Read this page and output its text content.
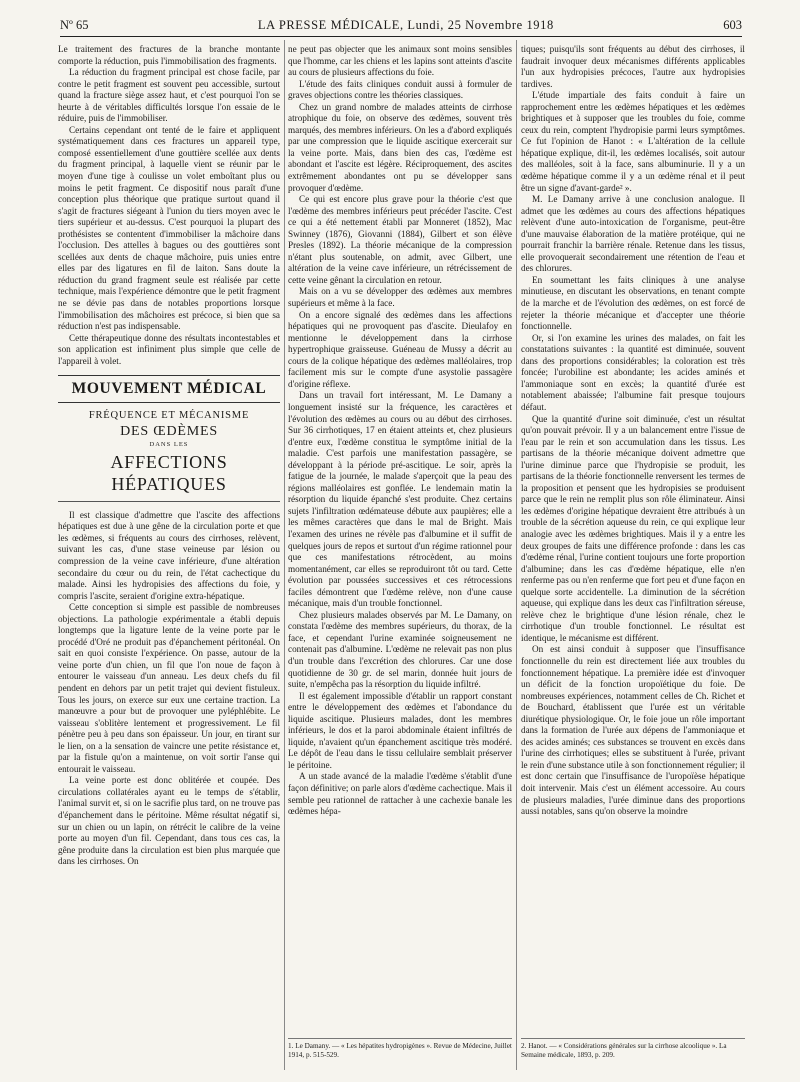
Nº 65	LA PRESSE MÉDICALE, Lundi, 25 Novembre 1918	603

Le traitement des fractures de la branche montante comporte la réduction, puis l'immobilisation des fragments.

La réduction du fragment principal est chose facile, par contre le petit fragment est souvent peu accessible, surtout quand la fracture siège assez haut, et c'est pourquoi l'on se heurte à de véritables difficultés lorsque l'on essaie de le réduire, puis de l'immobiliser.

Certains cependant ont tenté de le faire et appliquent systématiquement dans ces fractures un appareil type, composé essentiellement d'une gouttière scellée aux dents du fragment principal, à laquelle vient se réunir par le moyen d'une tige à coulisse un volet emboîtant plus ou moins le petit fragment. Ce dispositif nous paraît d'une conception plus théorique que pratique surtout quand il s'agit de fractures siégeant à l'union du tiers moyen avec le tiers supérieur et au-dessus. C'est pourquoi la plupart des prothésistes se contentent d'immobiliser la mâchoire dans l'occlusion. Des attelles à bagues ou des gouttières sont scellées aux dents de chaque mâchoire, puis unies entre elles par des ligatures en fil de laiton. Sans doute la réduction du grand fragment seule est réalisée par cette technique, mais l'expérience démontre que le petit fragment ne se dévie pas dans de notables proportions lorsque l'immobilisation des mâchoires est précoce, si bien que sa réduction n'est pas indispensable.

Cette thérapeutique donne des résultats incontestables et son application est infiniment plus simple que celle de l'appareil à volet.

MOUVEMENT MÉDICAL
FRÉQUENCE ET MÉCANISME
DES ŒDÈMES
DANS LES
AFFECTIONS HÉPATIQUES

Il est classique d'admettre que l'ascite des affections hépatiques est due à une gêne de la circulation porte et que les œdèmes, si fréquents au cours des cirrhoses, relèvent, suivant les cas, d'une stase veineuse par lésion ou compression de la veine cave inférieure, d'une altération secondaire du cœur ou du rein, de l'état cachectique du malade. Ainsi les hydropisies des affections du foie, y compris l'ascite, seraient d'origine extra-hépatique.

Cette conception si simple est passible de nombreuses objections. La pathologie expérimentale a établi depuis longtemps que la ligature lente de la veine porte par le procédé d'Oré ne produit pas d'épanchement péritonéal. On sait en quoi consiste l'expérience. On passe, autour de la veine porte d'un chien, un fil que l'on noue de façon à entourer le vaisseau d'un anneau. Les deux chefs du fil pendent en dehors par un petit trajet qui devient fistuleux. Tous les jours, on exerce sur eux une certaine traction. La manœuvre a pour but de provoquer une pyléphlébite. Le vaisseau s'oblitère lentement et progressivement. Le fil pénètre peu à peu dans son épaisseur. Un jour, en tirant sur le lien, on a la sensation de vaincre une petite résistance et, par la fistule qu'on a maintenue, on voit sortir l'anse qui entourait le vaisseau.

La veine porte est donc oblitérée et coupée. Des circulations collatérales ayant eu le temps de s'établir, l'animal survit et, si on le sacrifie plus tard, on ne trouve pas d'épanchement dans le péritoine. Même résultat négatif si, sur un chien ou un lapin, on rétrécit le calibre de la veine porte au moyen d'un fil. Cependant, dans tous ces cas, la gêne produite dans la circulation est bien plus marquée que dans les cirrhoses. On

ne peut pas objecter que les animaux sont moins sensibles que l'homme, car les chiens et les lapins sont atteints d'ascite au cours de plusieurs affections du foie.

L'étude des faits cliniques conduit aussi à formuler de graves objections contre les théories classiques.

Chez un grand nombre de malades atteints de cirrhose atrophique du foie, on observe des œdèmes, souvent très marqués, des membres inférieurs. On les a d'abord expliqués par une compression que le liquide ascitique exercerait sur la veine porte. Mais, dans bien des cas, l'œdème est abondant et l'ascite est légère. Réciproquement, des ascites extrêmement abondantes ont pu se développer sans provoquer d'œdème.

Ce qui est encore plus grave pour la théorie c'est que l'œdème des membres inférieurs peut précéder l'ascite. C'est ce qui a été nettement établi par Monneret (1852), Mac Swinney (1876), Giovanni (1884), Gilbert et son élève Presles (1892). La théorie mécanique de la compression n'étant plus soutenable, on admit, avec Gilbert, une altération de la veine cave inférieure, un rétrécissement de cette veine gênant la circulation en retour.

Mais on a vu se développer des œdèmes aux membres supérieurs et même à la face.

On a encore signalé des œdèmes dans les affections hépatiques qui ne provoquent pas d'ascite. Dieulafoy en mentionne le développement dans la cirrhose hypertrophique graisseuse. Guéneau de Mussy a décrit au cours de la colique hépatique des œdèmes malléolaires, trop facilement mis sur le compte d'une asystolie passagère d'origine réflexe.

Dans un travail fort intéressant, M. Le Damany a longuement insisté sur la fréquence, les caractères et l'évolution des œdèmes au cours ou au début des cirrhoses. Sur 36 cirrhotiques, 17 en étaient atteints et, chez plusieurs d'entre eux, l'œdème constitua le symptôme initial de la maladie. C'est parfois une manifestation passagère, se développant à la période pré-ascitique. Le soir, après la fatigue de la journée, le malade s'aperçoit que la peau des régions malléolaires est gonflée. Le lendemain matin la résorption du liquide épanché s'est produite. Chez certains sujets l'infiltration œdémateuse débute aux paupières; elle a les mêmes caractères que dans le mal de Bright. Mais l'examen des urines ne révèle pas d'albumine et il suffit de quelques jours de repos et surtout d'un régime rationnel pour que ces manifestations rétrocèdent, au moins momentanément, car elles se reproduiront tôt ou tard. Cette évolution par poussées successives et ces rétrocessions faciles démontrent que l'œdème relève, non d'une cause mécanique, mais d'un trouble fonctionnel.

Chez plusieurs malades observés par M. Le Damany, on constata l'œdème des membres supérieurs, du thorax, de la face, et cependant l'urine examinée soigneusement ne contenait pas d'albumine. L'œdème ne relevait pas non plus d'un trouble dans l'excrétion des chlorures. Car une dose quotidienne de 30 gr. de sel marin, donnée huit jours de suite, n'empêcha pas la résorption du liquide infiltré.

Il est également impossible d'établir un rapport constant entre le développement des œdèmes et l'abondance du liquide ascitique. Plusieurs malades, dont les membres inférieurs, le dos et la paroi abdominale étaient infiltrés de liquide, n'avaient qu'un épanchement ascitique très modéré. Le dépôt de l'eau dans le tissu cellulaire semblait préserver le péritoine.

A un stade avancé de la maladie l'œdème s'établit d'une façon définitive; on parle alors d'œdème cachectique. Mais il semble peu rationnel de rattacher à une cachexie banale les œdèmes hépa-

tiques; puisqu'ils sont fréquents au début des cirrhoses, il faudrait invoquer deux mécanismes différents applicables l'un aux hydropisies précoces, l'autre aux hydropisies tardives.

L'étude impartiale des faits conduit à faire un rapprochement entre les œdèmes hépatiques et les œdèmes brightiques et à supposer que les troubles du foie, comme ceux du rein, comptent l'hydropisie parmi leurs symptômes. Ce fut l'opinion de Hanot : « L'altération de la cellule hépatique explique, dit-il, les œdèmes localisés, soit autour des malléoles, soit à la face, sans albuminurie. Il y a un œdème hépatique comme il y a un œdème rénal et il peut être un signe d'avant-garde² ».

M. Le Damany arrive à une conclusion analogue. Il admet que les œdèmes au cours des affections hépatiques relèvent d'une auto-intoxication de l'organisme, peut-être d'une mauvaise élaboration de la matière protéique, qui ne pourrait franchir la barrière rénale. Retenue dans les tissus, elle provoquerait secondairement une rétention de l'eau et des chlorures.

En soumettant les faits cliniques à une analyse minutieuse, en discutant les observations, en tenant compte de la marche et de l'évolution des œdèmes, on est forcé de rejeter la théorie mécanique et d'accepter une théorie fonctionnelle.

Or, si l'on examine les urines des malades, on fait les constatations suivantes : la quantité est diminuée, souvent dans des proportions considérables; la coloration est très foncée; l'urobiline est abondante; les acides aminés et l'ammoniaque sont en excès; la quantité d'urée est notablement abaissée; l'albumine fait presque toujours défaut.

Que la quantité d'urine soit diminuée, c'est un résultat qu'on pouvait prévoir. Il y a un balancement entre l'issue de l'eau par le rein et son accumulation dans les tissus. Les partisans de la théorie mécanique doivent admettre que l'urine diminue parce que l'hydropisie se produit, les partisans de la théorie fonctionnelle renversent les termes de la proposition et pensent que les hydropisies se produisent parce que le rein ne remplit plus son rôle éliminateur. Ainsi les œdèmes d'origine hépatique devraient être attribués à un trouble de la sécrétion aqueuse du rein, ce qui explique leur analogie avec les œdèmes brightiques. Mais il y a entre les deux groupes de faits une différence profonde : dans les cas d'œdème rénal, l'urine contient toujours une forte proportion d'albumine; dans les cas d'œdème hépatique, elle n'en renferme pas ou n'en renferme que fort peu et d'une façon en quelque sorte accidentelle. La diminution de la sécrétion aqueuse, qui explique dans les deux cas l'infiltration séreuse, relève chez le brightique d'une lésion rénale, chez le cirrhotique d'un trouble fonctionnel. Le résultat est identique, le mécanisme est différent.

On est ainsi conduit à supposer que l'insuffisance fonctionnelle du rein est directement liée aux troubles du fonctionnement hépatique. La première idée est d'invoquer un déficit de la fonction uropoïétique du foie. De nombreuses expériences, notamment celles de Ch. Richet et de Bouchard, établissent que l'urée est un véritable diurétique physiologique. Or, le foie joue un rôle important dans la formation de l'urée aux dépens de l'ammoniaque et des acides aminés; ces substances se trouvent en excès dans l'urine des cirrhotiques; elles se substituent à l'urée, privant le rein d'une substance utile à son fonctionnement régulier; il est donc certain que l'insuffisance de l'uropoïèse hépatique doit intervenir. Mais c'est un élément accessoire. Au cours de plusieurs maladies, l'urée diminue dans des proportions aussi notables, sans qu'on observe la moindre

1. Le Damany. — « Les hépatites hydropigènes ». Revue de Médecine, Juillet 1914, p. 515-529.
2. Hanot. — « Considérations générales sur la cirrhose alcoolique ». La Semaine médicale, 1893, p. 209.
